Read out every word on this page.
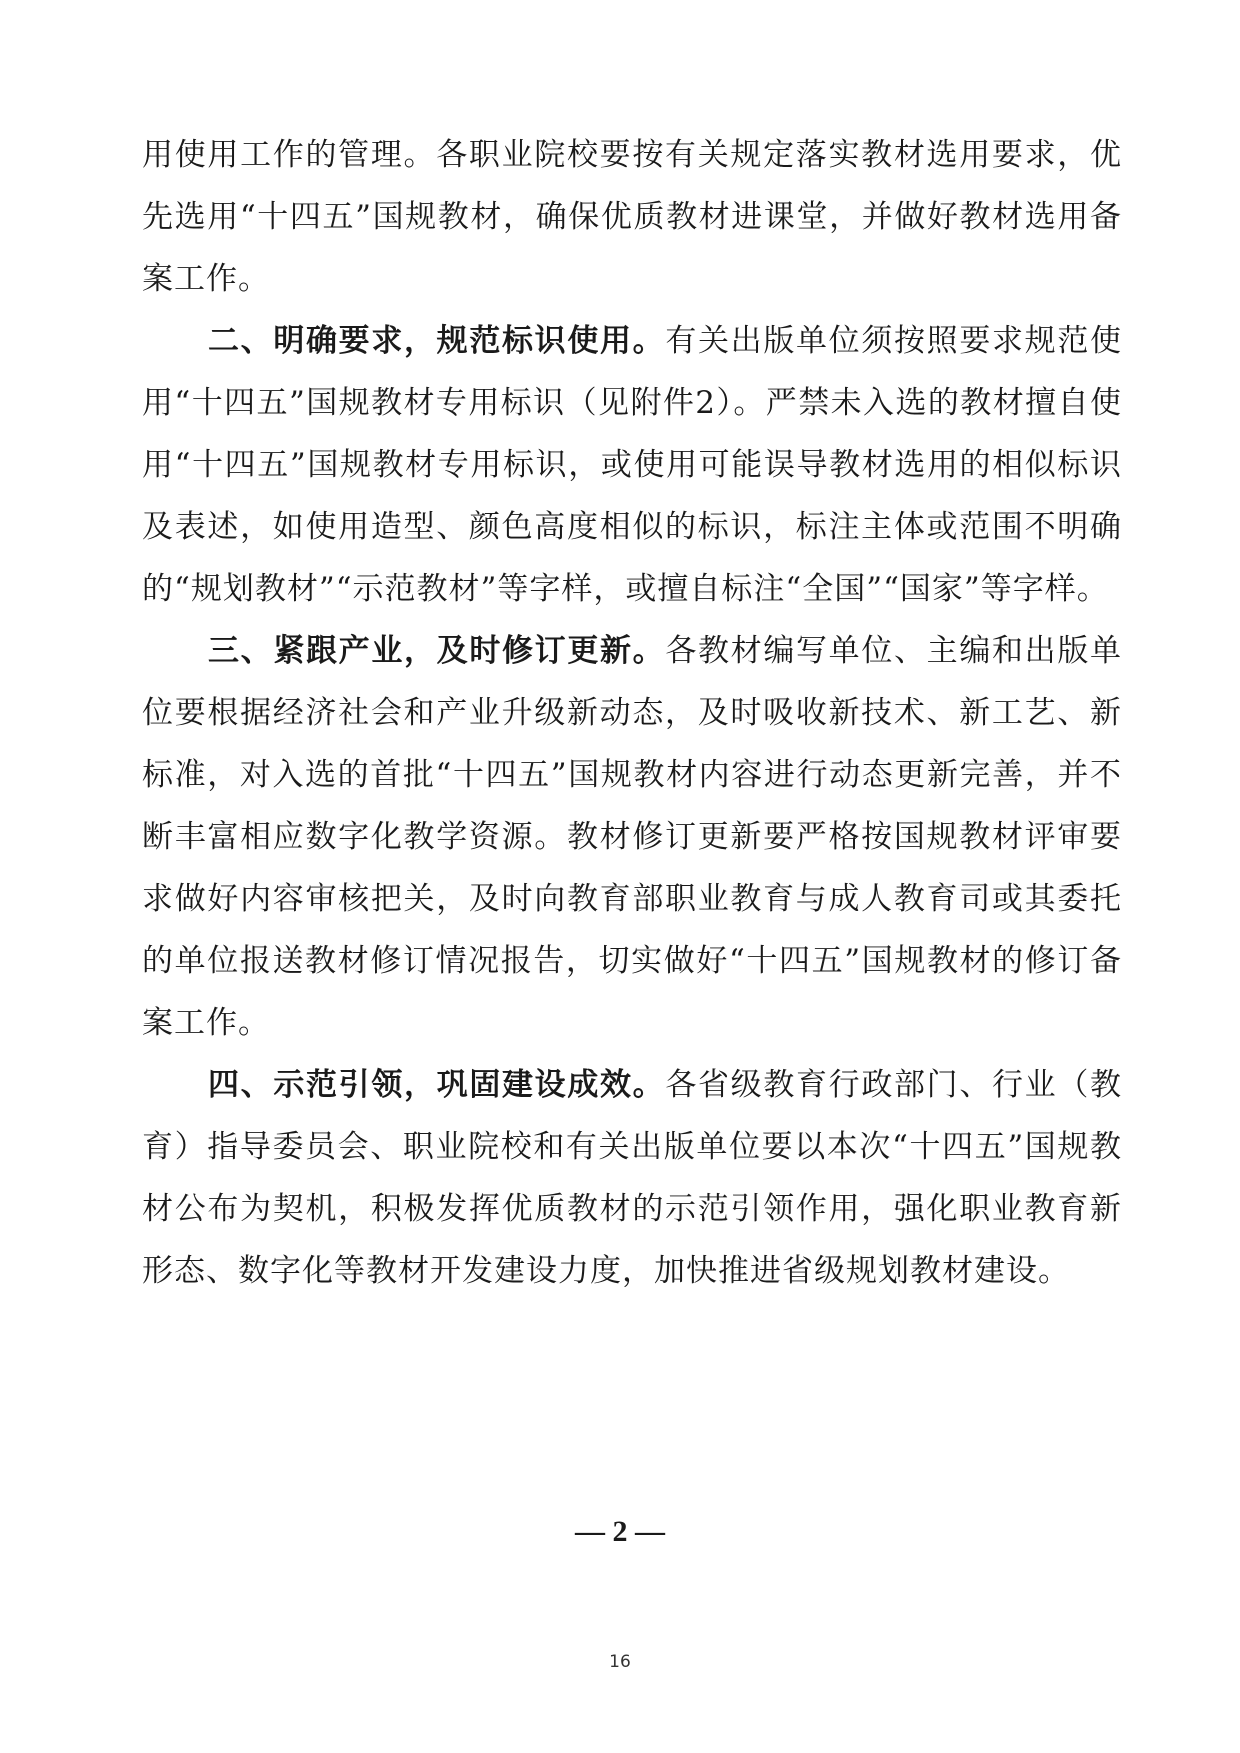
用使用工作的管理。各职业院校要按有关规定落实教材选用要求，优先选用“十四五”国规教材，确保优质教材进课堂，并做好教材选用备案工作。

二、明确要求，规范标识使用。有关出版单位须按照要求规范使用“十四五”国规教材专用标识（见附件2）。严禁未入选的教材擅自使用“十四五”国规教材专用标识，或使用可能误导教材选用的相似标识及表述，如使用造型、颜色高度相似的标识，标注主体或范围不明确的“规划教材”“示范教材”等字样，或擅自标注“全国”“国家”等字样。

三、紧跟产业，及时修订更新。各教材编写单位、主编和出版单位要根据经济社会和产业升级新动态，及时吸收新技术、新工艺、新标准，对入选的首批“十四五”国规教材内容进行动态更新完善，并不断丰富相应数字化教学资源。教材修订更新要严格按国规教材评审要求做好内容审核把关，及时向教育部职业教育与成人教育司或其委托的单位报送教材修订情况报告，切实做好“十四五”国规教材的修订备案工作。

四、示范引领，巩固建设成效。各省级教育行政部门、行业（教育）指导委员会、职业院校和有关出版单位要以本次“十四五”国规教材公布为契机，积极发挥优质教材的示范引领作用，强化职业教育新形态、数字化等教材开发建设力度，加快推进省级规划教材建设。

— 2 —
16
